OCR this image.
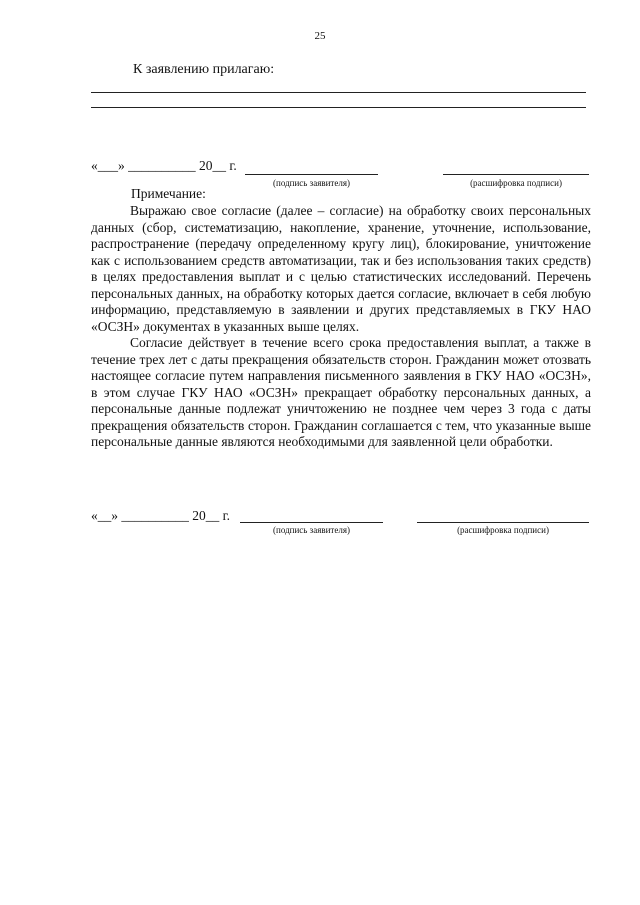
25
К заявлению прилагаю:
«___» __________ 20__ г.
(подпись заявителя)	(расшифровка подписи)
Примечание:

Выражаю свое согласие (далее – согласие) на обработку своих персональных данных (сбор, систематизацию, накопление, хранение, уточнение, использование, распространение (передачу определенному кругу лиц), блокирование, уничтожение как с использованием средств автоматизации, так и без использования таких средств) в целях предоставления выплат и с целью статистических исследований. Перечень персональных данных, на обработку которых дается согласие, включает в себя любую информацию, представляемую в заявлении и других представляемых в ГКУ НАО «ОСЗН» документах в указанных выше целях.

Согласие действует в течение всего срока предоставления выплат, а также в течение трех лет с даты прекращения обязательств сторон. Гражданин может отозвать настоящее согласие путем направления письменного заявления в ГКУ НАО «ОСЗН», в этом случае ГКУ НАО «ОСЗН» прекращает обработку персональных данных, а персональные данные подлежат уничтожению не позднее чем через 3 года с даты прекращения обязательств сторон. Гражданин соглашается с тем, что указанные выше персональные данные являются необходимыми для заявленной цели обработки.

«__» __________ 20__ г.
(подпись заявителя)	(расшифровка подписи)
